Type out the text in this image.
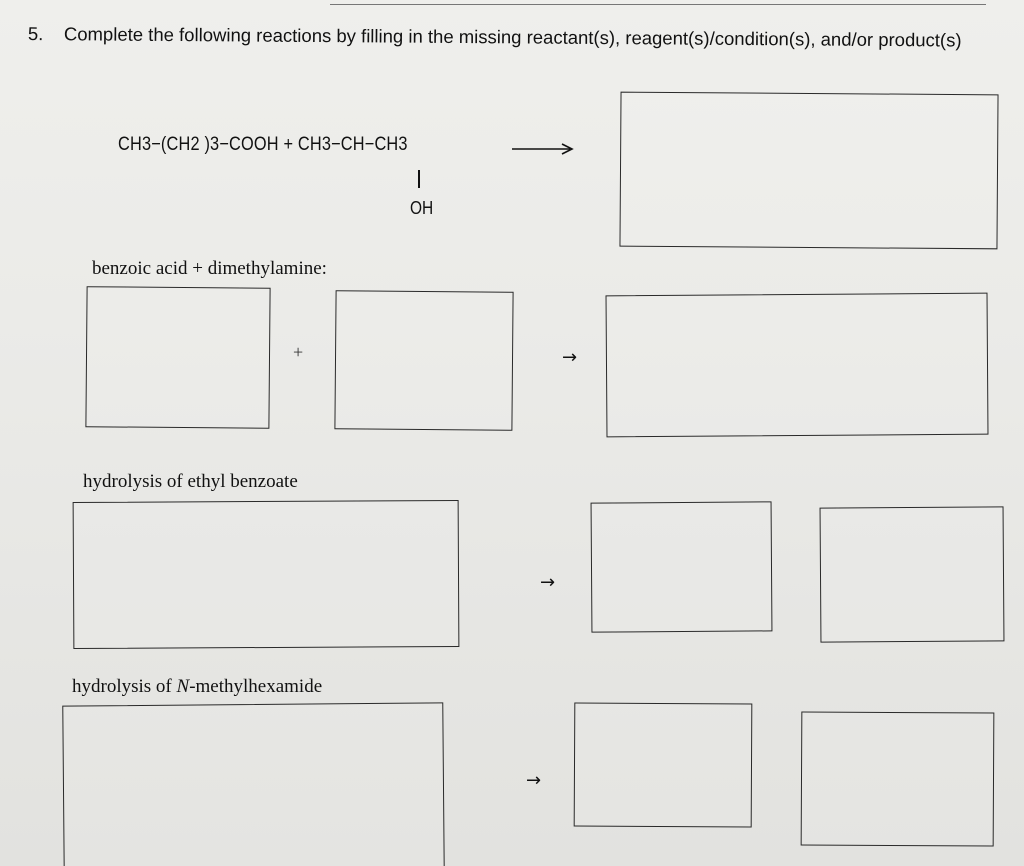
5. Complete the following reactions by filling in the missing reactant(s), reagent(s)/condition(s), and/or product(s)
CH3−(CH2 )3−COOH + CH3−CH−CH3
OH
benzoic acid + dimethylamine:
+	→
hydrolysis of ethyl benzoate
→
hydrolysis of N-methylhexamide
→
